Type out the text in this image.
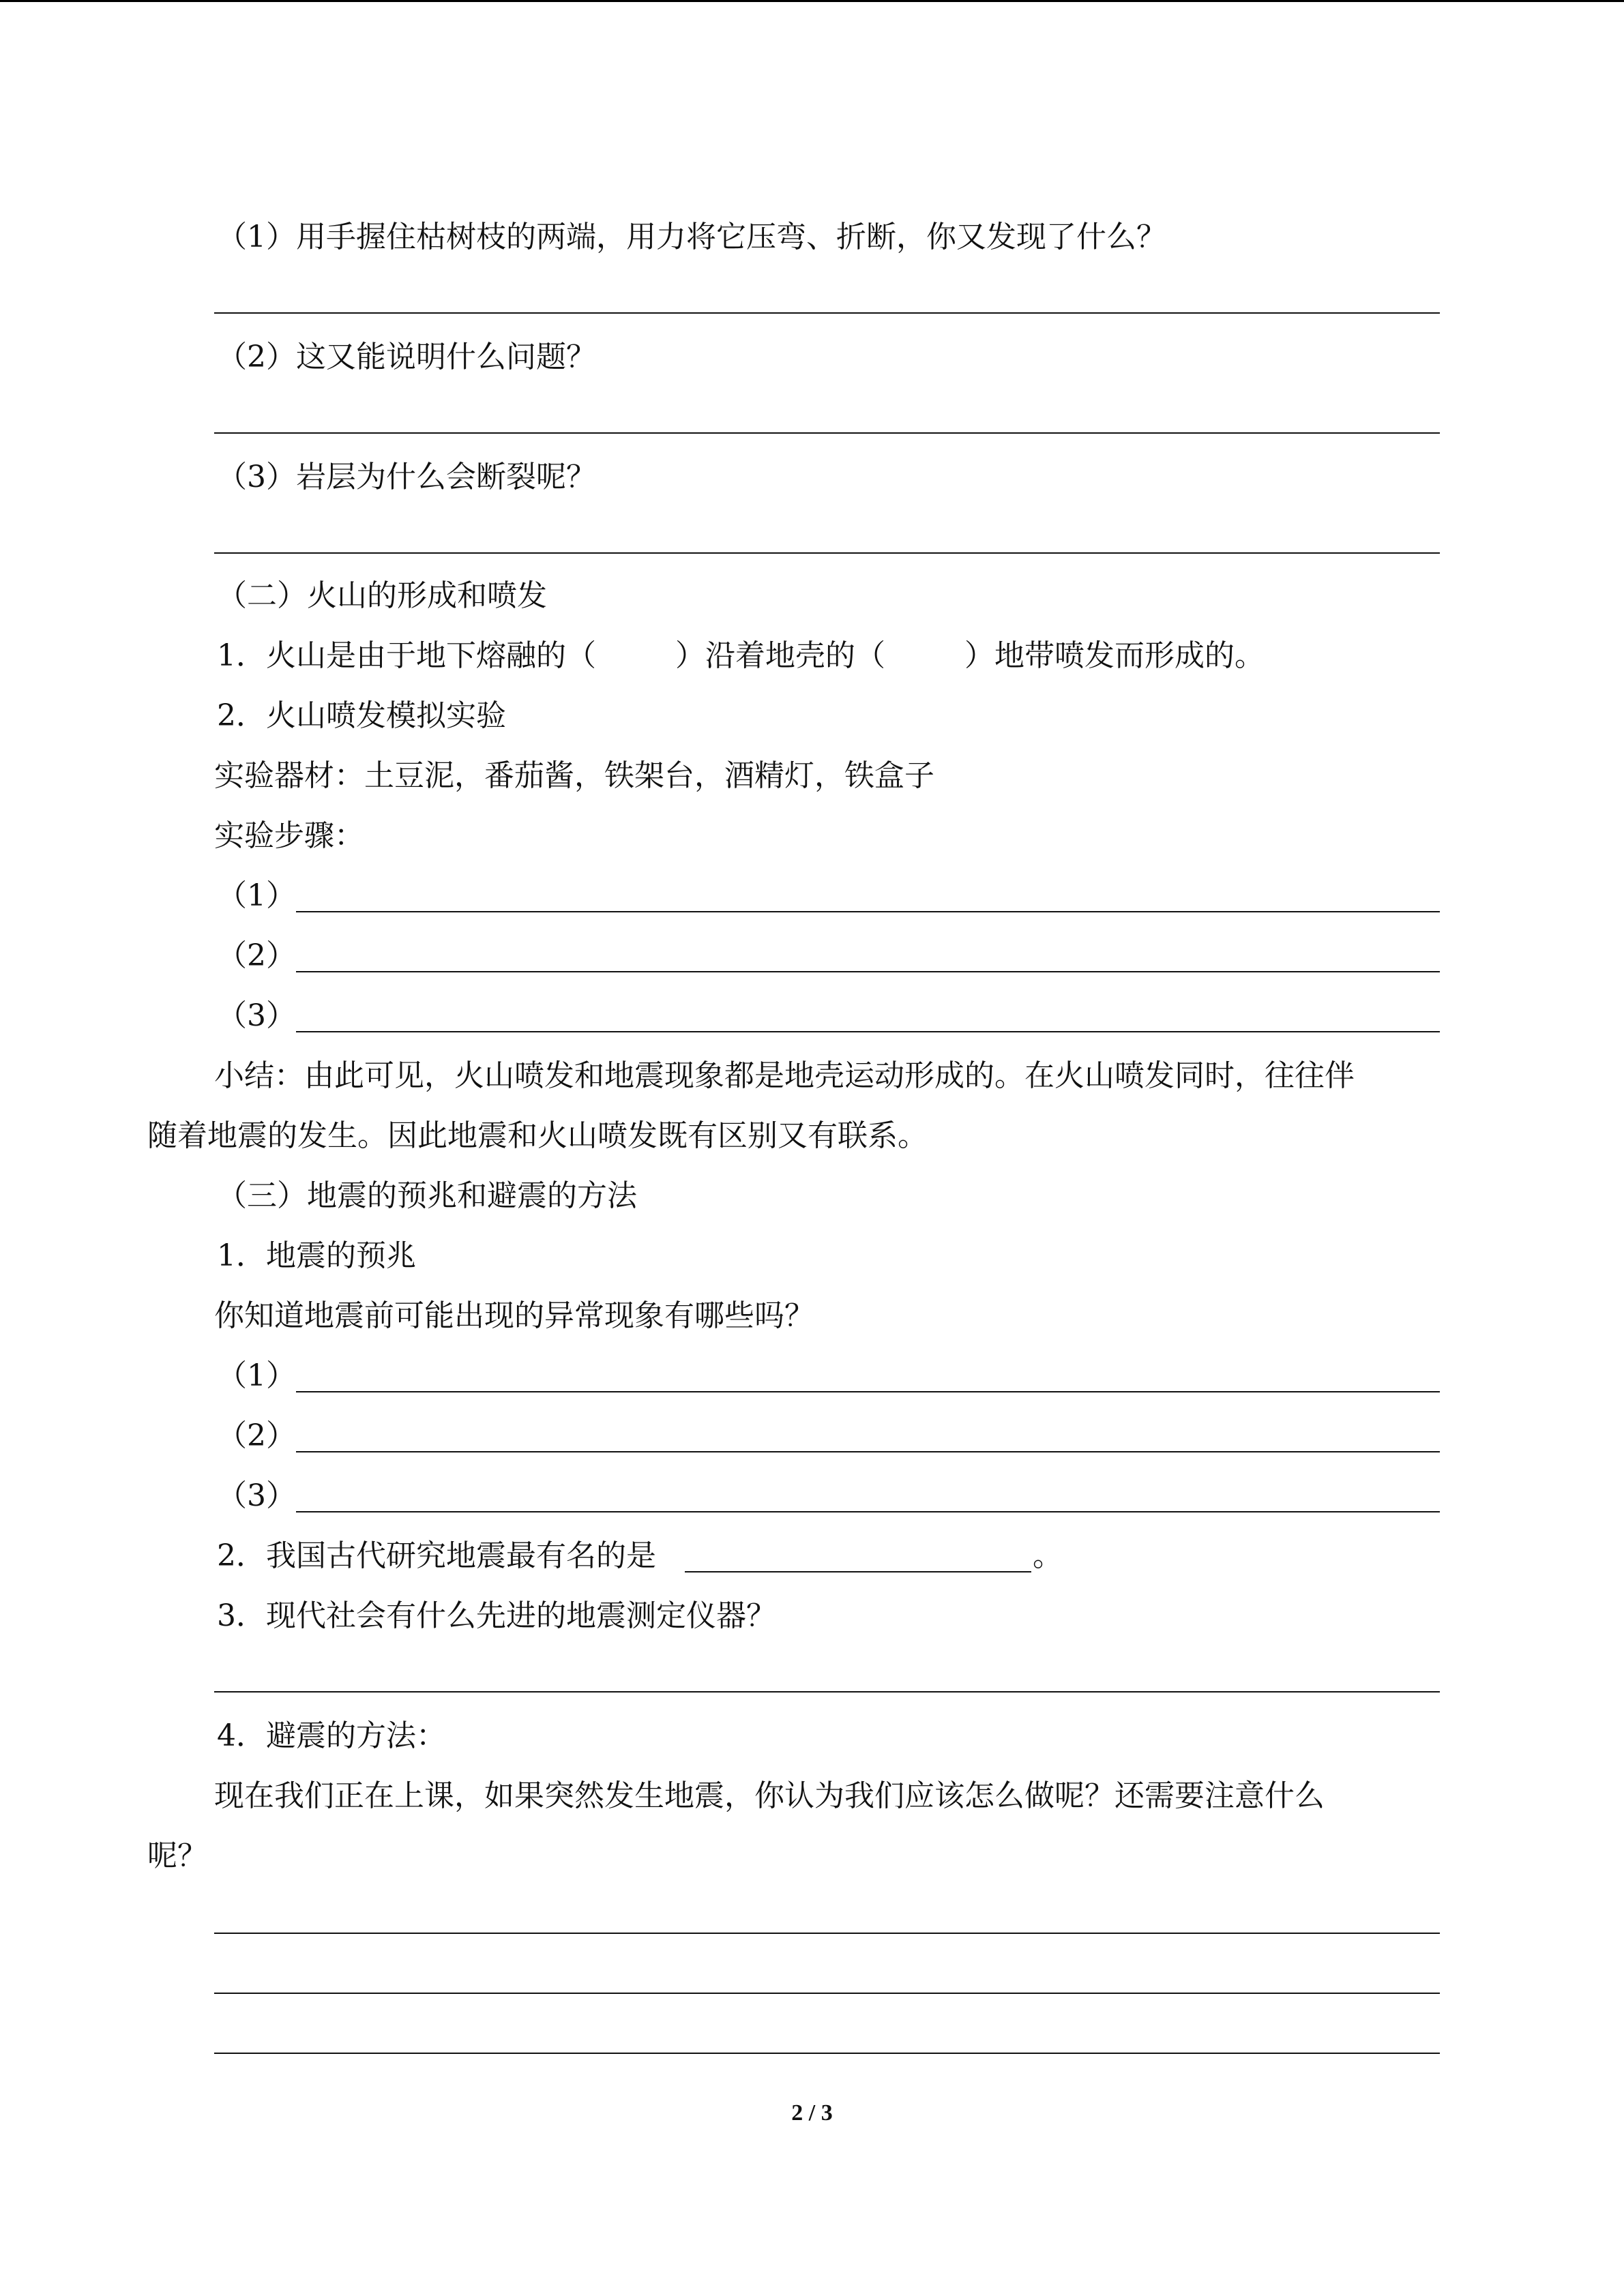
（1）用手握住枯树枝的两端，用力将它压弯、折断，你又发现了什么？
（2）这又能说明什么问题？
（3）岩层为什么会断裂呢？
（二）火山的形成和喷发
1．火山是由于地下熔融的（	）沿着地壳的（	）地带喷发而形成的。
2．火山喷发模拟实验
实验器材：土豆泥，番茄酱，铁架台，酒精灯，铁盒子
实验步骤：
（1）
（2）
（3）
小结：由此可见，火山喷发和地震现象都是地壳运动形成的。在火山喷发同时，往往伴
随着地震的发生。因此地震和火山喷发既有区别又有联系。
（三）地震的预兆和避震的方法
1．地震的预兆
你知道地震前可能出现的异常现象有哪些吗？
（1）
（2）
（3）
2．我国古代研究地震最有名的是	。
3．现代社会有什么先进的地震测定仪器？
4．避震的方法：
现在我们正在上课，如果突然发生地震，你认为我们应该怎么做呢？还需要注意什么
呢？
2 / 3
